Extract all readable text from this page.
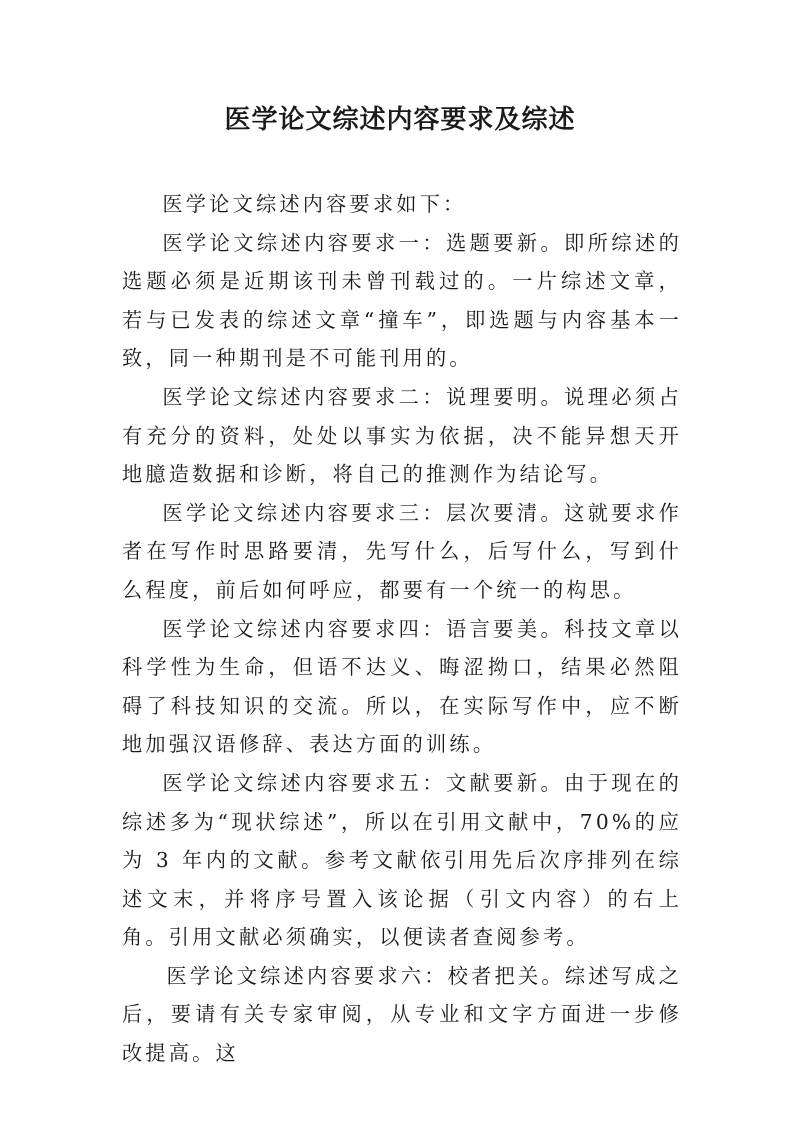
医学论文综述内容要求及综述

医学论文综述内容要求如下：

医学论文综述内容要求一：选题要新。即所综述的选题必须是近期该刊未曾刊载过的。一片综述文章，若与已发表的综述文章“撞车”，即选题与内容基本一致，同一种期刊是不可能刊用的。

医学论文综述内容要求二：说理要明。说理必须占有充分的资料，处处以事实为依据，决不能异想天开地臆造数据和诊断，将自己的推测作为结论写。

医学论文综述内容要求三：层次要清。这就要求作者在写作时思路要清，先写什么，后写什么，写到什么程度，前后如何呼应，都要有一个统一的构思。

医学论文综述内容要求四：语言要美。科技文章以科学性为生命，但语不达义、晦涩拗口，结果必然阻碍了科技知识的交流。所以，在实际写作中，应不断地加强汉语修辞、表达方面的训练。

医学论文综述内容要求五：文献要新。由于现在的综述多为“现状综述”，所以在引用文献中，70%的应为 3 年内的文献。参考文献依引用先后次序排列在综述文末，并将序号置入该论据（引文内容）的右上角。引用文献必须确实，以便读者查阅参考。

医学论文综述内容要求六：校者把关。综述写成之后，要请有关专家审阅，从专业和文字方面进一步修改提高。这
